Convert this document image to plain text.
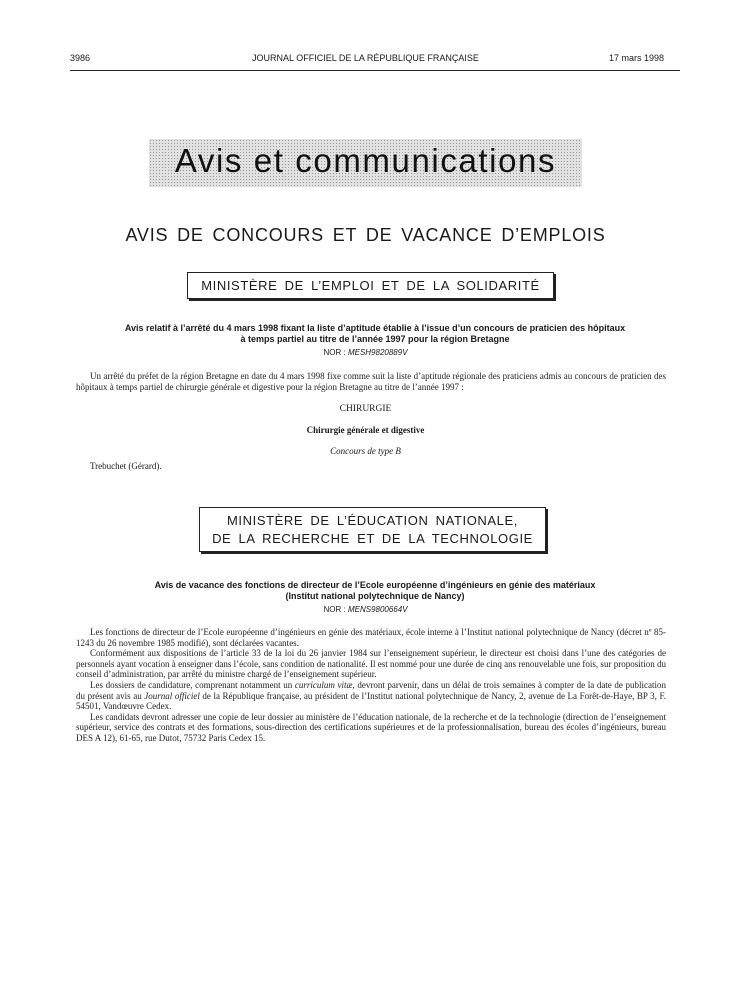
3986	JOURNAL OFFICIEL DE LA RÉPUBLIQUE FRANÇAISE	17 mars 1998
Avis et communications
AVIS DE CONCOURS ET DE VACANCE D’EMPLOIS
MINISTÈRE DE L’EMPLOI ET DE LA SOLIDARITÉ
Avis relatif à l’arrêté du 4 mars 1998 fixant la liste d’aptitude établie à l’issue d’un concours de praticien des hôpitaux
à temps partiel au titre de l’année 1997 pour la région Bretagne
NOR : MESH9820889V

Un arrêté du préfet de la région Bretagne en date du 4 mars 1998 fixe comme suit la liste d’aptitude régionale des praticiens admis au concours de praticien des hôpitaux à temps partiel de chirurgie générale et digestive pour la région Bretagne au titre de l’année 1997 :

CHIRURGIE
Chirurgie générale et digestive
Concours de type B
Trebuchet (Gérard).
MINISTÈRE DE L’ÉDUCATION NATIONALE,
DE LA RECHERCHE ET DE LA TECHNOLOGIE
Avis de vacance des fonctions de directeur de l’Ecole européenne d’ingénieurs en génie des matériaux
(Institut national polytechnique de Nancy)
NOR : MENS9800664V

Les fonctions de directeur de l’Ecole européenne d’ingénieurs en génie des matériaux, école interne à l’Institut national polytechnique de Nancy (décret nº 85-1243 du 26 novembre 1985 modifié), sont déclarées vacantes.

Conformément aux dispositions de l’article 33 de la loi du 26 janvier 1984 sur l’enseignement supérieur, le directeur est choisi dans l’une des catégories de personnels ayant vocation à enseigner dans l’école, sans condition de nationalité. Il est nommé pour une durée de cinq ans renouvelable une fois, sur proposition du conseil d’administration, par arrêté du ministre chargé de l’enseignement supérieur.

Les dossiers de candidature, comprenant notamment un curriculum vitæ, devront parvenir, dans un délai de trois semaines à compter de la date de publication du présent avis au Journal officiel de la République française, au président de l’Institut national polytechnique de Nancy, 2, avenue de La Forêt-de-Haye, BP 3, F. 54501, Vandœuvre Cedex.

Les candidats devront adresser une copie de leur dossier au ministère de l’éducation nationale, de la recherche et de la technologie (direction de l’enseignement supérieur, service des contrats et des formations, sous-direction des certifications supérieures et de la professionnalisation, bureau des écoles d’ingénieurs, bureau DES A 12), 61-65, rue Dutot, 75732 Paris Cedex 15.
